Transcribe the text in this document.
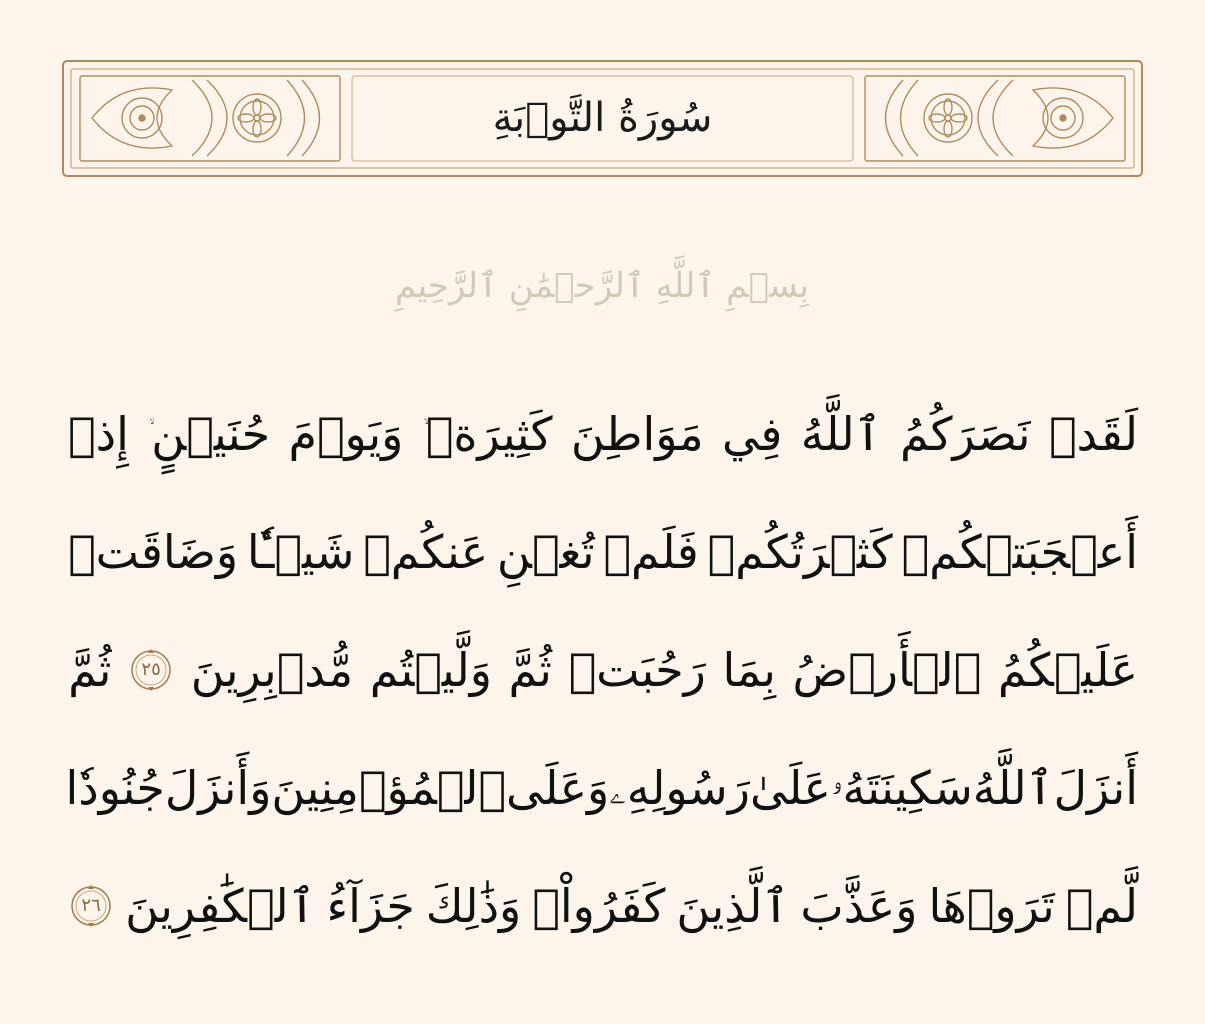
سُورَةُ التَّوۡبَةِ
بِسۡمِ ٱللَّهِ ٱلرَّحۡمَٰنِ ٱلرَّحِيمِ
لَقَدۡ
نَصَرَكُمُ
ٱللَّهُ
فِي
مَوَاطِنَ
كَثِيرَةٖ
وَيَوۡمَ
حُنَيۡنٍ
إِذۡ
أَعۡجَبَتۡكُمۡ
كَثۡرَتُكُمۡ
فَلَمۡ
تُغۡنِ
عَنكُمۡ
شَيۡـٔٗا
وَضَاقَتۡ
عَلَيۡكُمُ
ٱلۡأَرۡضُ
بِمَا
رَحُبَتۡ
ثُمَّ
وَلَّيۡتُم
مُّدۡبِرِينَ
٢٥
ثُمَّ
أَنزَلَ
ٱللَّهُ
سَكِينَتَهُۥ
عَلَىٰ
رَسُولِهِۦ
وَعَلَى
ٱلۡمُؤۡمِنِينَ
وَأَنزَلَ
جُنُودٗا
لَّمۡ
تَرَوۡهَا
وَعَذَّبَ
ٱلَّذِينَ
كَفَرُواْۚ
وَذَٰلِكَ
جَزَآءُ
ٱلۡكَٰفِرِينَ
٢٦
